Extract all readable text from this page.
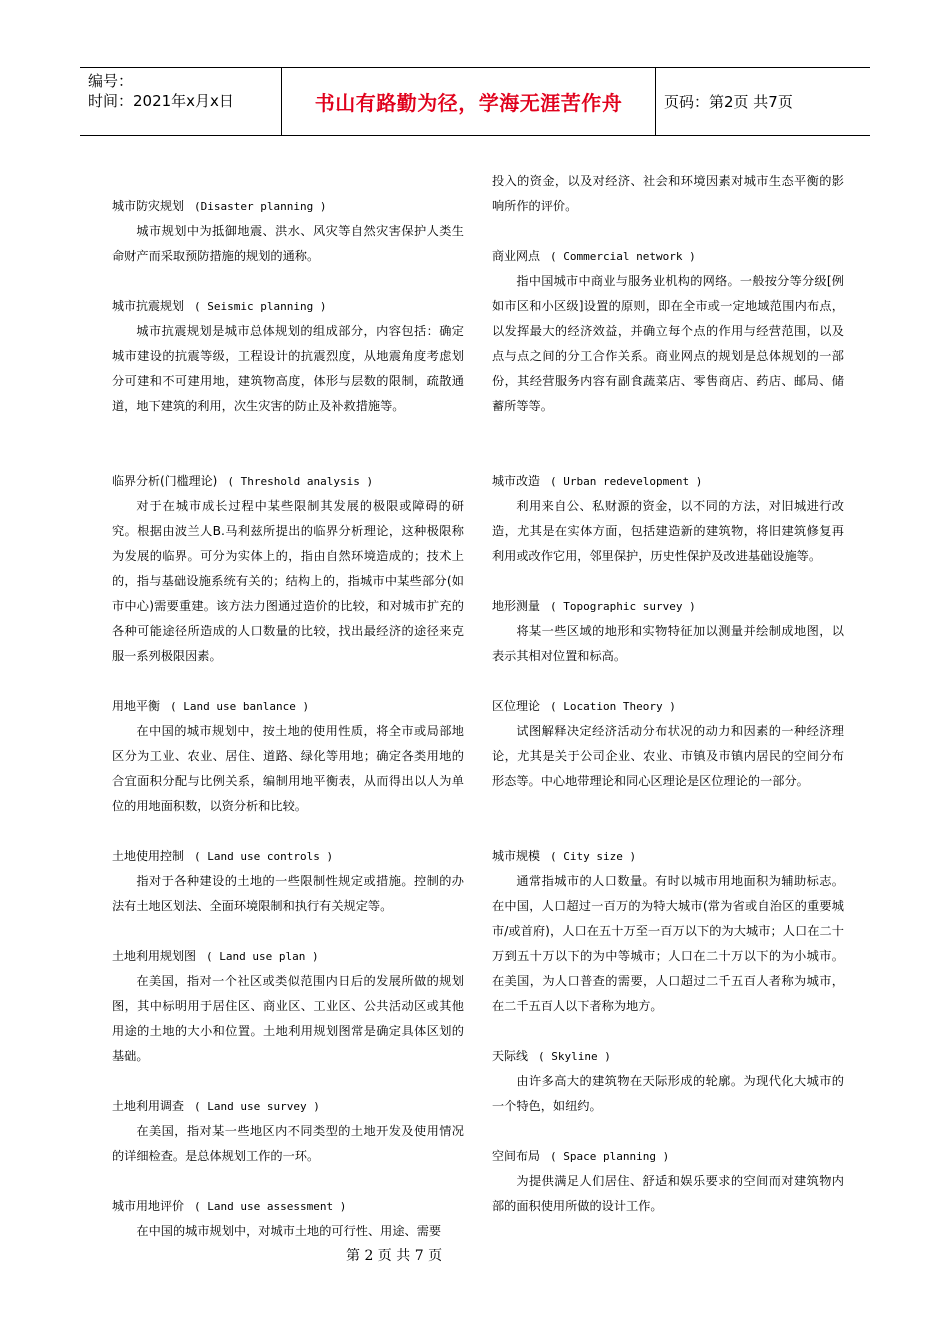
编号：
时间：2021年x月x日	书山有路勤为径，学海无涯苦作舟	页码：第2页 共7页
城市防灾规划 (Disaster planning )

城市规划中为抵御地震、洪水、风灾等自然灾害保护人类生命财产而采取预防措施的规划的通称。

城市抗震规划 ( Seismic planning )

城市抗震规划是城市总体规划的组成部分，内容包括：确定城市建设的抗震等级，工程设计的抗震烈度，从地震角度考虑划分可建和不可建用地，建筑物高度，体形与层数的限制，疏散通道，地下建筑的利用，次生灾害的防止及补救措施等。

临界分析(门槛理论) ( Threshold analysis )

对于在城市成长过程中某些限制其发展的极限或障碍的研究。根据由波兰人B.马利兹所提出的临界分析理论，这种极限称为发展的临界。可分为实体上的，指由自然环境造成的；技术上的，指与基础设施系统有关的；结构上的，指城市中某些部分(如市中心)需要重建。该方法力图通过造价的比较，和对城市扩充的各种可能途径所造成的人口数量的比较，找出最经济的途径来克服一系列极限因素。

用地平衡 ( Land use banlance )

在中国的城市规划中，按土地的使用性质，将全市或局部地区分为工业、农业、居住、道路、绿化等用地；确定各类用地的合宜面积分配与比例关系，编制用地平衡表，从而得出以人为单位的用地面积数，以资分析和比较。

土地使用控制 ( Land use controls )

指对于各种建设的土地的一些限制性规定或措施。控制的办法有土地区划法、全面环境限制和执行有关规定等。

土地利用规划图 ( Land use plan )

在美国，指对一个社区或类似范围内日后的发展所做的规划图，其中标明用于居住区、商业区、工业区、公共活动区或其他用途的土地的大小和位置。土地利用规划图常是确定具体区划的基础。

土地利用调查 ( Land use survey )

在美国，指对某一些地区内不同类型的土地开发及使用情况的详细检查。是总体规划工作的一环。

城市用地评价 ( Land use assessment )

在中国的城市规划中，对城市土地的可行性、用途、需要

投入的资金，以及对经济、社会和环境因素对城市生态平衡的影响所作的评价。

商业网点 ( Commercial network )

指中国城市中商业与服务业机构的网络。一般按分等分级[例如市区和小区级]设置的原则，即在全市或一定地域范围内布点，以发挥最大的经济效益，并确立每个点的作用与经营范围，以及点与点之间的分工合作关系。商业网点的规划是总体规划的一部份，其经营服务内容有副食蔬菜店、零售商店、药店、邮局、储蓄所等等。

城市改造 ( Urban redevelopment )

利用来自公、私财源的资金，以不同的方法，对旧城进行改造，尤其是在实体方面，包括建造新的建筑物，将旧建筑修复再利用或改作它用，邻里保护，历史性保护及改进基础设施等。

地形测量 ( Topographic survey )

将某一些区域的地形和实物特征加以测量并绘制成地图，以表示其相对位置和标高。

区位理论 ( Location Theory )

试图解释决定经济活动分布状况的动力和因素的一种经济理论，尤其是关于公司企业、农业、市镇及市镇内居民的空间分布形态等。中心地带理论和同心区理论是区位理论的一部分。

城市规模 ( City size )

通常指城市的人口数量。有时以城市用地面积为辅助标志。在中国，人口超过一百万的为特大城市(常为省或自治区的重要城市/或首府)，人口在五十万至一百万以下的为大城市；人口在二十万到五十万以下的为中等城市；人口在二十万以下的为小城市。在美国，为人口普查的需要，人口超过二千五百人者称为城市，在二千五百人以下者称为地方。

天际线 ( Skyline )

由许多高大的建筑物在天际形成的轮廓。为现代化大城市的一个特色，如纽约。

空间布局 ( Space planning )

为提供满足人们居住、舒适和娱乐要求的空间而对建筑物内部的面积使用所做的设计工作。

第 2 页 共 7 页
